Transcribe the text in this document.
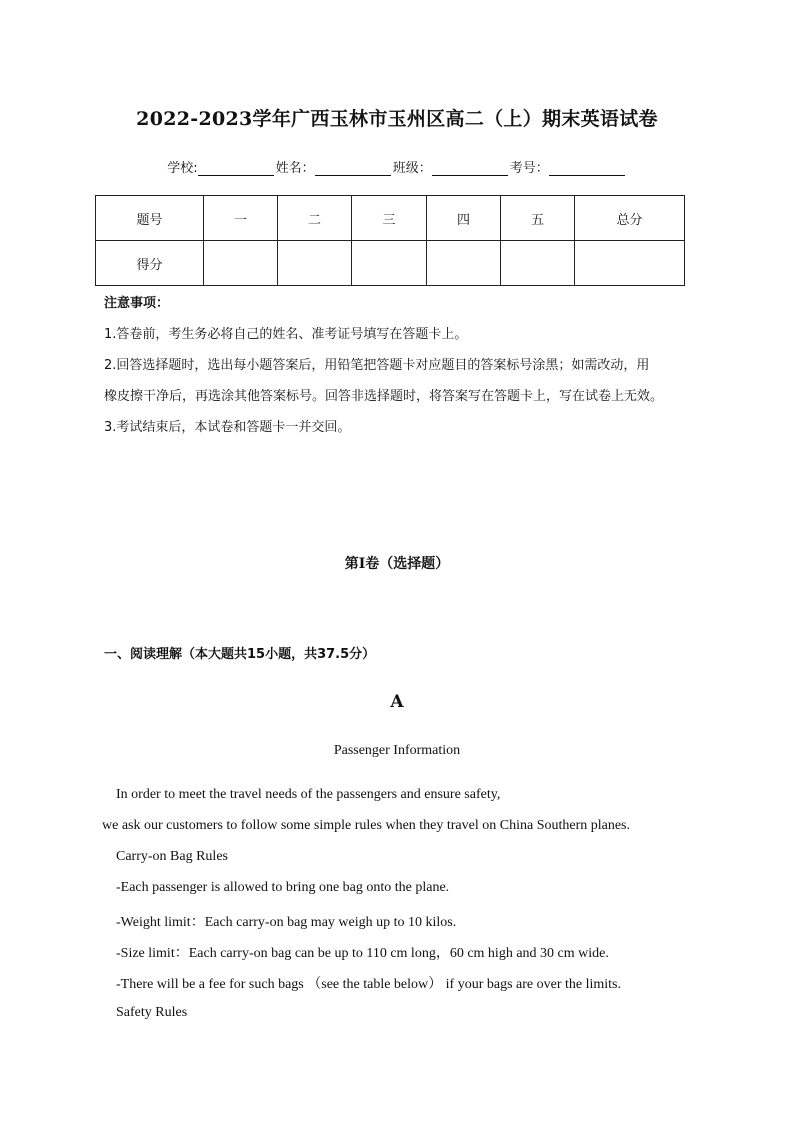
2022-2023学年广西玉林市玉州区高二（上）期末英语试卷
学校:	姓名：	班级：	考号：
题号	一	二	三	四	五	总分
得分						
注意事项：
1.答卷前，考生务必将自己的姓名、准考证号填写在答题卡上。
2.回答选择题时，选出每小题答案后，用铅笔把答题卡对应题目的答案标号涂黑；如需改动，用
橡皮擦干净后，再选涂其他答案标号。回答非选择题时，将答案写在答题卡上，写在试卷上无效。
3.考试结束后，本试卷和答题卡一并交回。
第Ⅰ卷（选择题）
一、阅读理解（本大题共15小题，共37.5分）
A
Passenger Information
In order to meet the travel needs of the passengers and ensure safety,
we ask our customers to follow some simple rules when they travel on China Southern planes.
Carry-on Bag Rules
-Each passenger is allowed to bring one bag onto the plane.
-Weight limit：Each carry-on bag may weigh up to 10 kilos.
-Size limit：Each carry-on bag can be up to 110 cm long，60 cm high and 30 cm wide.
-There will be a fee for such bags （see the table below） if your bags are over the limits.
Safety Rules
